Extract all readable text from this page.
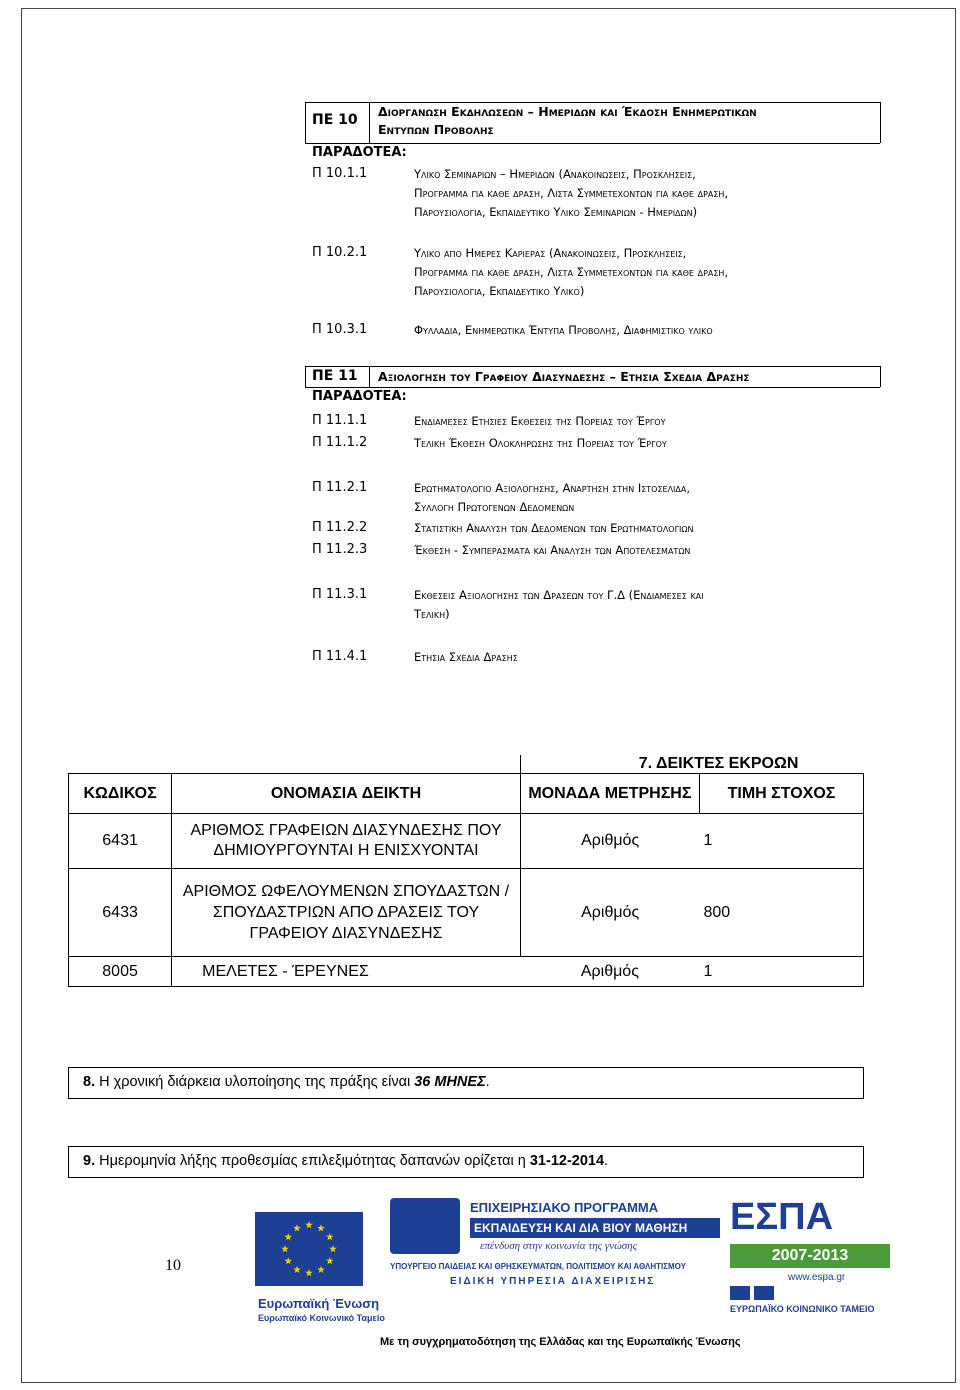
ΠΕ 10
Διοργανωση Εκδηλωσεων – Ημεριδων και Έκδοση Ενημερωτικων
Εντυπων Προβολης
ΠΑΡΑΔΟΤΕΑ:
Π 10.1.1	Υλικο Σεμιναριων – Ημεριδων (Ανακοινωσεις, Προσκλησεις,
Προγραμμα για καθε δραση, Λιστα Συμμετεχοντων για καθε δραση,
Παρουσιολογια, Εκπαιδευτικο Υλικο Σεμιναριων - Ημεριδων)
Π 10.2.1	Υλικο απο Ημερες Καριερας (Ανακοινωσεις, Προσκλησεις,
Προγραμμα για καθε δραση, Λιστα Συμμετεχοντων για καθε δραση,
Παρουσιολογια, Εκπαιδευτικο Υλικο)
Π 10.3.1	Φυλλαδια, Ενημερωτικα Έντυπα Προβολης, Διαφημιστικο υλικο
ΠΕ 11 Αξιολογηση του Γραφειου Διασυνδεσης – Ετησια Σχεδια Δρασης
ΠΑΡΑΔΟΤΕΑ:
Π 11.1.1	Ενδιαμεσες Ετησιες Εκθεσεις της Πορειας του Έργου
Π 11.1.2	Τελικη Έκθεση Ολοκληρωσης της Πορειας του Έργου
Π 11.2.1	Ερωτηματολογιο Αξιολογησης, Αναρτηση στην Ιστοσελιδα,
Συλλογη Πρωτογενων Δεδομενων
Π 11.2.2	Στατιστικη Αναλυση των Δεδομενων των Ερωτηματολογιων
Π 11.2.3	Έκθεση - Συμπερασματα και Αναλυση των Αποτελεσματων
Π 11.3.1	Εκθεσεις Αξιολογησης των Δρασεων του Γ.Δ (Ενδιαμεσες και
Τελικη)
Π 11.4.1	Ετησια Σχεδια Δρασης
		7. ΔΕΙΚΤΕΣ ΕΚΡΟΩΝ	
ΚΩΔΙΚΟΣ	ΟΝΟΜΑΣΙΑ ΔΕΙΚΤΗ	ΜΟΝΑΔΑ ΜΕΤΡΗΣΗΣ	ΤΙΜΗ ΣΤΟΧΟΣ
6431	ΑΡΙΘΜΟΣ ΓΡΑΦΕΙΩΝ ΔΙΑΣΥΝΔΕΣΗΣ ΠΟΥ ΔΗΜΙΟΥΡΓΟΥΝΤΑΙ Η ΕΝΙΣΧΥΟΝΤΑΙ	Αριθμός	1
6433	ΑΡΙΘΜΟΣ ΩΦΕΛΟΥΜΕΝΩΝ ΣΠΟΥΔΑΣΤΩΝ / ΣΠΟΥΔΑΣΤΡΙΩΝ ΑΠΟ ΔΡΑΣΕΙΣ ΤΟΥ ΓΡΑΦΕΙΟΥ ΔΙΑΣΥΝΔΕΣΗΣ	Αριθμός	800
8005	ΜΕΛΕΤΕΣ - ΈΡΕΥΝΕΣ	Αριθμός	1
8. Η χρονική διάρκεια υλοποίησης της πράξης είναι 36 ΜΗΝΕΣ.
9. Ημερομηνία λήξης προθεσμίας επιλεξιμότητας δαπανών ορίζεται η 31-12-2014.
10
Ευρωπαϊκή Ένωση
Ευρωπαϊκό Κοινωνικό Ταμείο
ΕΠΙΧΕΙΡΗΣΙΑΚΟ ΠΡΟΓΡΑΜΜΑ
ΕΚΠΑΙΔΕΥΣΗ ΚΑΙ ΔΙΑ ΒΙΟΥ ΜΑΘΗΣΗ
επένδυση στην κοινωνία της γνώσης
ΥΠΟΥΡΓΕΙΟ ΠΑΙΔΕΙΑΣ ΚΑΙ ΘΡΗΣΚΕΥΜΑΤΩΝ, ΠΟΛΙΤΙΣΜΟΥ ΚΑΙ ΑΘΛΗΤΙΣΜΟΥ
ΕΙΔΙΚΗ ΥΠΗΡΕΣΙΑ ΔΙΑΧΕΙΡΙΣΗΣ
ΕΣΠΑ
2007-2013
www.espa.gr
ΕΥΡΩΠΑΪΚΟ ΚΟΙΝΩΝΙΚΟ ΤΑΜΕΙΟ
Με τη συγχρηματοδότηση της Ελλάδας και της Ευρωπαϊκής Ένωσης
